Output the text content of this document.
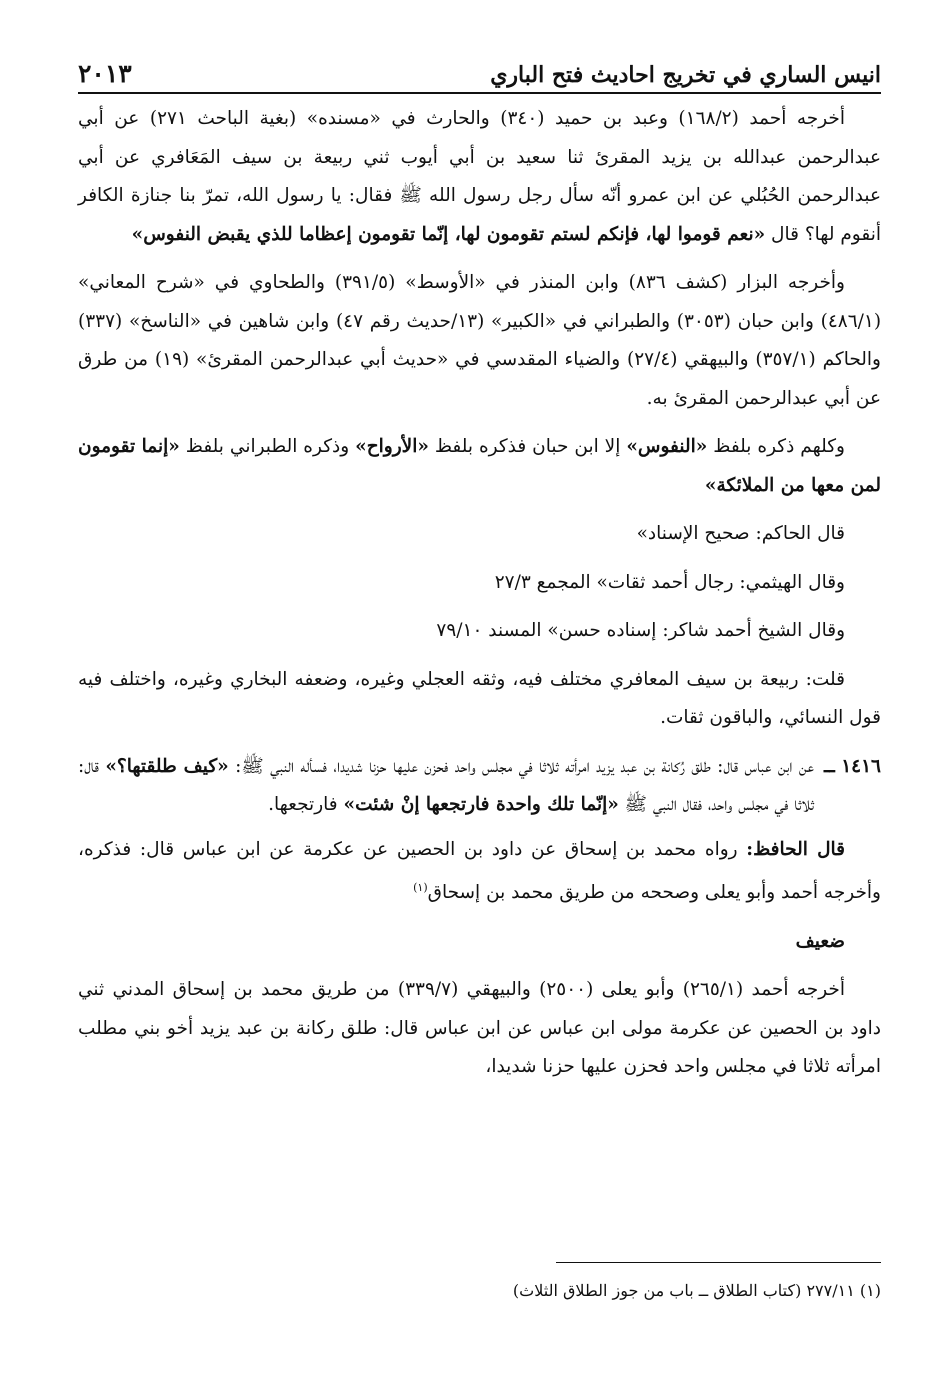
انيس الساري في تخريج احاديث فتح الباري
٢٠١٣

أخرجه أحمد (١٦٨/٢) وعبد بن حميد (٣٤٠) والحارث في «مسنده» (بغية الباحث ٢٧١) عن أبي عبدالرحمن عبدالله بن يزيد المقرئ ثنا سعيد بن أبي أيوب ثني ربيعة بن سيف المَعَافري عن أبي عبدالرحمن الحُبُلي عن ابن عمرو أنّه سأل رجل رسول الله ﷺ فقال: يا رسول الله، تمرّ بنا جنازة الكافر أنقوم لها؟ قال «نعم قوموا لها، فإنكم لستم تقومون لها، إنّما تقومون إعظاما للذي يقبض النفوس»

وأخرجه البزار (كشف ٨٣٦) وابن المنذر في «الأوسط» (٣٩١/٥) والطحاوي في «شرح المعاني» (٤٨٦/١) وابن حبان (٣٠٥٣) والطبراني في «الكبير» (١٣/حديث رقم ٤٧) وابن شاهين في «الناسخ» (٣٣٧) والحاكم (٣٥٧/١) والبيهقي (٢٧/٤) والضياء المقدسي في «حديث أبي عبدالرحمن المقرئ» (١٩) من طرق عن أبي عبدالرحمن المقرئ به.

وكلهم ذكره بلفظ «النفوس» إلا ابن حبان فذكره بلفظ «الأرواح» وذكره الطبراني بلفظ «إنما تقومون لمن معها من الملائكة»

قال الحاكم: صحيح الإسناد»

وقال الهيثمي: رجال أحمد ثقات» المجمع ٢٧/٣

وقال الشيخ أحمد شاكر: إسناده حسن» المسند ٧٩/١٠

قلت: ربيعة بن سيف المعافري مختلف فيه، وثقه العجلي وغيره، وضعفه البخاري وغيره، واختلف فيه قول النسائي، والباقون ثقات.

١٤١٦ ــ
عن ابن عباس قال: طلق رُكانة بن عبد يزيد امرأته ثلاثا في مجلس واحد فحزن عليها حزنا شديدا، فسأله النبي ﷺ: «كيف طلقتها؟» قال: ثلاثا في مجلس واحد، فقال النبي ﷺ «إنّما تلك واحدة فارتجعها إنْ شئت» فارتجعها.

قال الحافظ: رواه محمد بن إسحاق عن داود بن الحصين عن عكرمة عن ابن عباس قال: فذكره، وأخرجه أحمد وأبو يعلى وصححه من طريق محمد بن إسحاق$^{(١)}$

ضعيف

أخرجه أحمد (٢٦٥/١) وأبو يعلى (٢٥٠٠) والبيهقي (٣٣٩/٧) من طريق محمد بن إسحاق المدني ثني داود بن الحصين عن عكرمة مولى ابن عباس عن ابن عباس قال: طلق ركانة بن عبد يزيد أخو بني مطلب امرأته ثلاثا في مجلس واحد فحزن عليها حزنا شديدا،

(١) ٢٧٧/١١ (كتاب الطلاق ــ باب من جوز الطلاق الثلاث)
